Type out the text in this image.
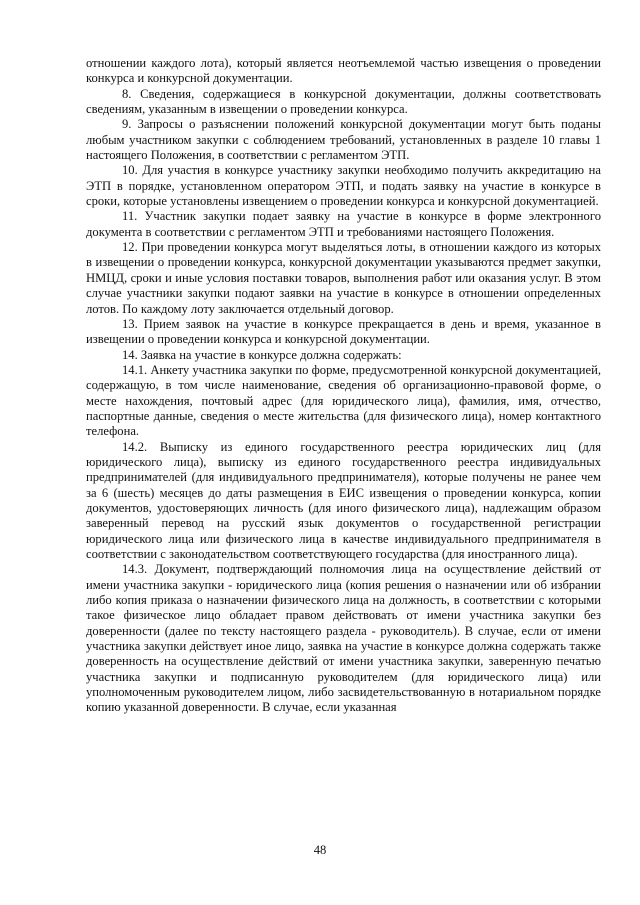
отношении каждого лота), который является неотъемлемой частью извещения о проведении конкурса и конкурсной документации.

8. Сведения, содержащиеся в конкурсной документации, должны соответствовать сведениям, указанным в извещении о проведении конкурса.

9. Запросы о разъяснении положений конкурсной документации могут быть поданы любым участником закупки с соблюдением требований, установленных в разделе 10 главы 1 настоящего Положения, в соответствии с регламентом ЭТП.

10. Для участия в конкурсе участнику закупки необходимо получить аккредитацию на ЭТП в порядке, установленном оператором ЭТП, и подать заявку на участие в конкурсе в сроки, которые установлены извещением о проведении конкурса и конкурсной документацией.

11. Участник закупки подает заявку на участие в конкурсе в форме электронного документа в соответствии с регламентом ЭТП и требованиями настоящего Положения.

12. При проведении конкурса могут выделяться лоты, в отношении каждого из которых в извещении о проведении конкурса, конкурсной документации указываются предмет закупки, НМЦД, сроки и иные условия поставки товаров, выполнения работ или оказания услуг. В этом случае участники закупки подают заявки на участие в конкурсе в отношении определенных лотов. По каждому лоту заключается отдельный договор.

13. Прием заявок на участие в конкурсе прекращается в день и время, указанное в извещении о проведении конкурса и конкурсной документации.

14. Заявка на участие в конкурсе должна содержать:

14.1. Анкету участника закупки по форме, предусмотренной конкурсной документацией, содержащую, в том числе наименование, сведения об организационно-правовой форме, о месте нахождения, почтовый адрес (для юридического лица), фамилия, имя, отчество, паспортные данные, сведения о месте жительства (для физического лица), номер контактного телефона.

14.2. Выписку из единого государственного реестра юридических лиц (для юридического лица), выписку из единого государственного реестра индивидуальных предпринимателей (для индивидуального предпринимателя), которые получены не ранее чем за 6 (шесть) месяцев до даты размещения в ЕИС извещения о проведении конкурса, копии документов, удостоверяющих личность (для иного физического лица), надлежащим образом заверенный перевод на русский язык документов о государственной регистрации юридического лица или физического лица в качестве индивидуального предпринимателя в соответствии с законодательством соответствующего государства (для иностранного лица).

14.3. Документ, подтверждающий полномочия лица на осуществление действий от имени участника закупки - юридического лица (копия решения о назначении или об избрании либо копия приказа о назначении физического лица на должность, в соответствии с которыми такое физическое лицо обладает правом действовать от имени участника закупки без доверенности (далее по тексту настоящего раздела - руководитель). В случае, если от имени участника закупки действует иное лицо, заявка на участие в конкурсе должна содержать также доверенность на осуществление действий от имени участника закупки, заверенную печатью участника закупки и подписанную руководителем (для юридического лица) или уполномоченным руководителем лицом, либо засвидетельствованную в нотариальном порядке копию указанной доверенности. В случае, если указанная

48
